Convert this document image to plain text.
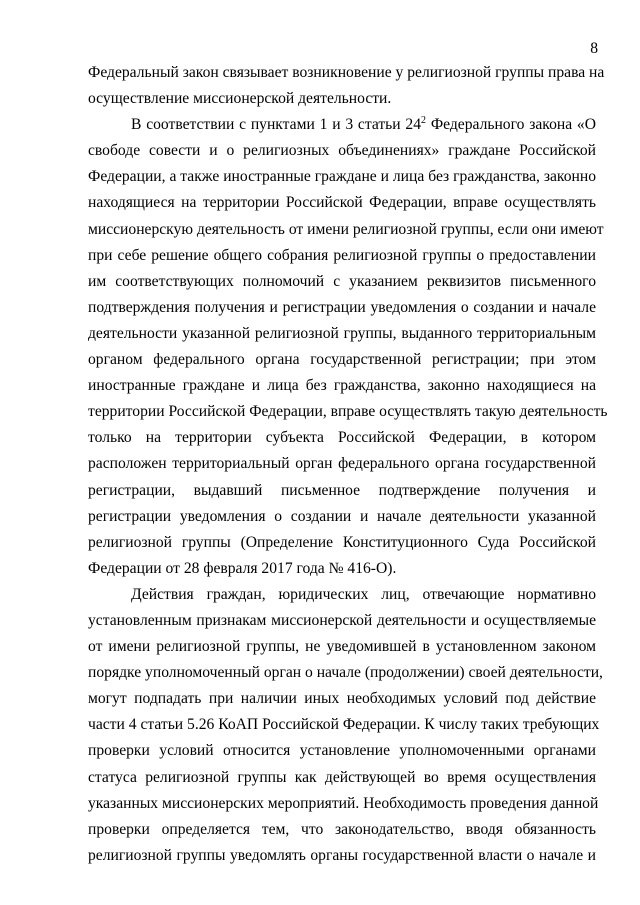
8
Федеральный закон связывает возникновение у религиозной группы права на
осуществление миссионерской деятельности.
В соответствии с пунктами 1 и 3 статьи $24^2$ Федерального закона «О
свободе совести и о религиозных объединениях» граждане Российской
Федерации, а также иностранные граждане и лица без гражданства, законно
находящиеся на территории Российской Федерации, вправе осуществлять
миссионерскую деятельность от имени религиозной группы, если они имеют
при себе решение общего собрания религиозной группы о предоставлении
им соответствующих полномочий с указанием реквизитов письменного
подтверждения получения и регистрации уведомления о создании и начале
деятельности указанной религиозной группы, выданного территориальным
органом федерального органа государственной регистрации; при этом
иностранные граждане и лица без гражданства, законно находящиеся на
территории Российской Федерации, вправе осуществлять такую деятельность
только на территории субъекта Российской Федерации, в котором
расположен территориальный орган федерального органа государственной
регистрации, выдавший письменное подтверждение получения и
регистрации уведомления о создании и начале деятельности указанной
религиозной группы (Определение Конституционного Суда Российской
Федерации от 28 февраля 2017 года № 416-О).
Действия граждан, юридических лиц, отвечающие нормативно
установленным признакам миссионерской деятельности и осуществляемые
от имени религиозной группы, не уведомившей в установленном законом
порядке уполномоченный орган о начале (продолжении) своей деятельности,
могут подпадать при наличии иных необходимых условий под действие
части 4 статьи 5.26 КоАП Российской Федерации. К числу таких требующих
проверки условий относится установление уполномоченными органами
статуса религиозной группы как действующей во время осуществления
указанных миссионерских мероприятий. Необходимость проведения данной
проверки определяется тем, что законодательство, вводя обязанность
религиозной группы уведомлять органы государственной власти о начале и
